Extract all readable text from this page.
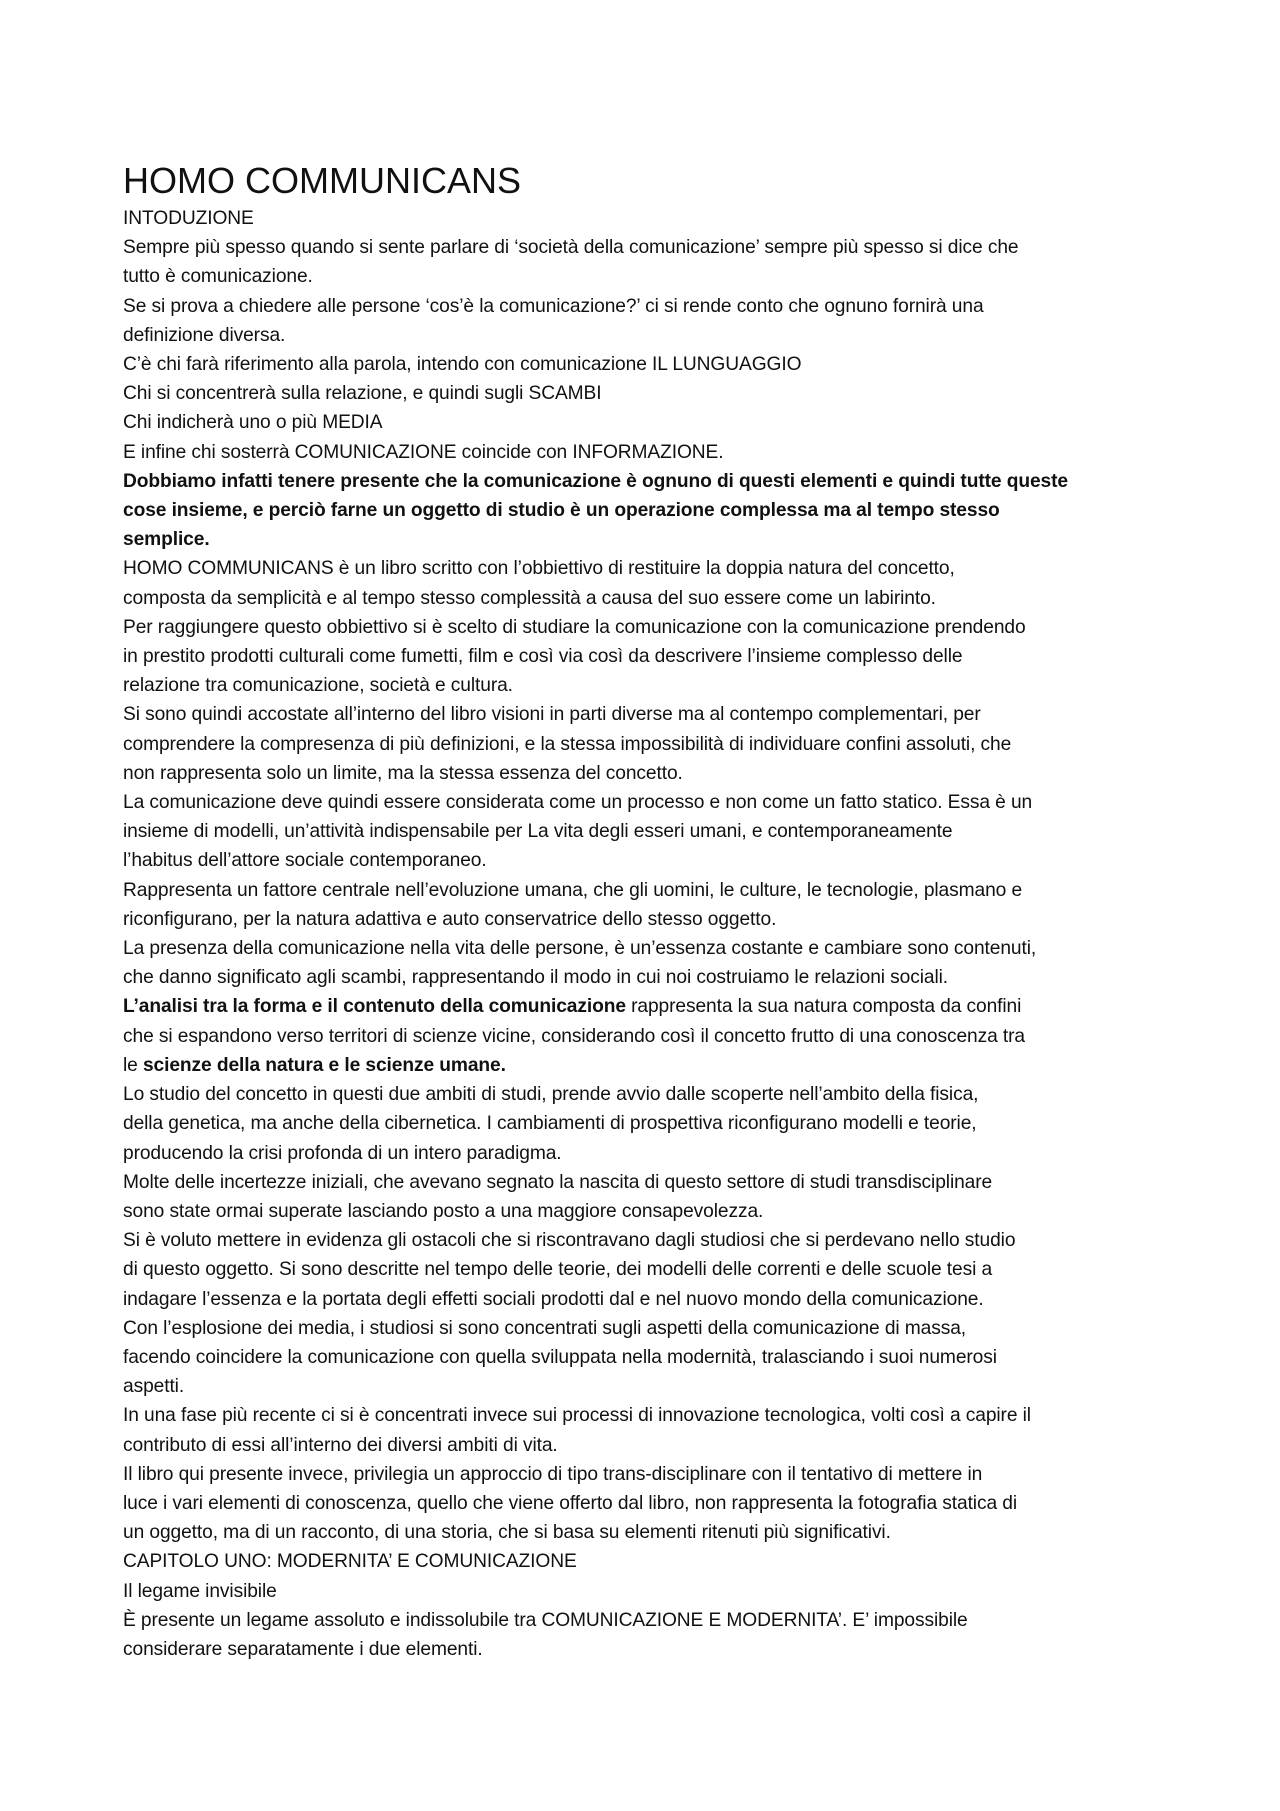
HOMO COMMUNICANS
INTODUZIONE
Sempre più spesso quando si sente parlare di ‘società della comunicazione’ sempre più spesso si dice che
tutto è comunicazione.
Se si prova a chiedere alle persone ‘cos’è la comunicazione?’ ci si rende conto che ognuno fornirà una
definizione diversa.
C’è chi farà riferimento alla parola, intendo con comunicazione IL LUNGUAGGIO
Chi si concentrerà sulla relazione, e quindi sugli SCAMBI
Chi indicherà uno o più MEDIA
E infine chi sosterrà COMUNICAZIONE coincide con INFORMAZIONE.
Dobbiamo infatti tenere presente che la comunicazione è ognuno di questi elementi e quindi tutte queste
cose insieme, e perciò farne un oggetto di studio è un operazione complessa ma al tempo stesso
semplice.
HOMO COMMUNICANS è un libro scritto con l’obbiettivo di restituire la doppia natura del concetto,
composta da semplicità e al tempo stesso complessità a causa del suo essere come un labirinto.
Per raggiungere questo obbiettivo si è scelto di studiare la comunicazione con la comunicazione prendendo
in prestito prodotti culturali come fumetti, film e così via così da descrivere l’insieme complesso delle
relazione tra comunicazione, società e cultura.
Si sono quindi accostate all’interno del libro visioni in parti diverse ma al contempo complementari, per
comprendere la compresenza di più definizioni, e la stessa impossibilità di individuare confini assoluti, che
non rappresenta solo un limite, ma la stessa essenza del concetto.
La comunicazione deve quindi essere considerata come un processo e non come un fatto statico. Essa è un
insieme di modelli, un’attività indispensabile per La vita degli esseri umani, e contemporaneamente
l’habitus dell’attore sociale contemporaneo.
Rappresenta un fattore centrale nell’evoluzione umana, che gli uomini, le culture, le tecnologie, plasmano e
riconfigurano, per la natura adattiva e auto conservatrice dello stesso oggetto.
La presenza della comunicazione nella vita delle persone, è un’essenza costante e cambiare sono contenuti,
che danno significato agli scambi, rappresentando il modo in cui noi costruiamo le relazioni sociali.
L’analisi tra la forma e il contenuto della comunicazione rappresenta la sua natura composta da confini
che si espandono verso territori di scienze vicine, considerando così il concetto frutto di una conoscenza tra
le scienze della natura e le scienze umane.
Lo studio del concetto in questi due ambiti di studi, prende avvio dalle scoperte nell’ambito della fisica,
della genetica, ma anche della cibernetica. I cambiamenti di prospettiva riconfigurano modelli e teorie,
producendo la crisi profonda di un intero paradigma.
Molte delle incertezze iniziali, che avevano segnato la nascita di questo settore di studi transdisciplinare
sono state ormai superate lasciando posto a una maggiore consapevolezza.
Si è voluto mettere in evidenza gli ostacoli che si riscontravano dagli studiosi che si perdevano nello studio
di questo oggetto. Si sono descritte nel tempo delle teorie, dei modelli delle correnti e delle scuole tesi a
indagare l’essenza e la portata degli effetti sociali prodotti dal e nel nuovo mondo della comunicazione.
Con l’esplosione dei media, i studiosi si sono concentrati sugli aspetti della comunicazione di massa,
facendo coincidere la comunicazione con quella sviluppata nella modernità, tralasciando i suoi numerosi
aspetti.
In una fase più recente ci si è concentrati invece sui processi di innovazione tecnologica, volti così a capire il
contributo di essi all’interno dei diversi ambiti di vita.
Il libro qui presente invece, privilegia un approccio di tipo trans-disciplinare con il tentativo di mettere in
luce i vari elementi di conoscenza, quello che viene offerto dal libro, non rappresenta la fotografia statica di
un oggetto, ma di un racconto, di una storia, che si basa su elementi ritenuti più significativi.
CAPITOLO UNO: MODERNITA’ E COMUNICAZIONE
Il legame invisibile
È presente un legame assoluto e indissolubile tra COMUNICAZIONE E MODERNITA’. E’ impossibile
considerare separatamente i due elementi.
